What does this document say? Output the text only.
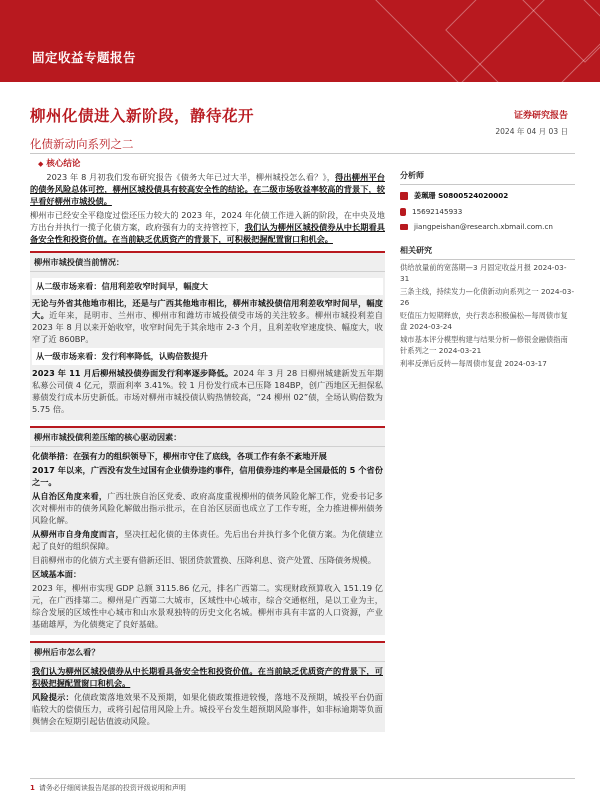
固定收益专题报告
柳州化债进入新阶段，静待花开
化债新动向系列之二
证券研究报告
2024 年 04 月 03 日
◆ 核心结论

2023 年 8 月初我们发布研究报告《债务大年已过大半，柳州城投怎么看？》，得出柳州平台的债务风险总体可控，柳州区城投债具有较高安全性的结论。在二级市场收益率较高的背景下，较早看好柳州市城投债。

柳州市已经安全平稳度过偿还压力较大的 2023 年，2024 年化债工作进入新的阶段，在中央及地方出台并执行一揽子化债方案，政府强有力的支持管控下，我们认为柳州区城投债券从中长期看具备安全性和投资价值。在当前缺乏优质资产的背景下，可积极把握配置窗口和机会。

柳州市城投债当前情况：
从二级市场来看：信用利差收窄时间早，幅度大

无论与外省其他地市相比，还是与广西其他地市相比，柳州市城投债信用利差收窄时间早，幅度大。近年来，昆明市、兰州市、柳州市和潍坊市城投债受市场的关注较多。柳州市城投利差自 2023 年 8 月以来开始收窄，收窄时间先于其余地市 2-3 个月，且利差收窄速度快、幅度大，收窄了近 860BP。

从一级市场来看：发行利率降低，认购倍数提升

2023 年 11 月后柳州城投债券面发行利率逐步降低。2024 年 3 月 28 日柳州城建新发五年期私募公司债 4 亿元，票面利率 3.41%。较 1 月份发行成本已压降 184BP，创广西地区无担保私募债发行成本历史新低。市场对柳州市城投债认购热情较高，“24 柳州 02”债，全场认购倍数为 5.75 倍。

柳州市城投债利差压缩的核心驱动因素：

化债举措：在强有力的组织领导下，柳州市守住了底线，各项工作有条不紊地开展

2017 年以来，广西没有发生过国有企业债券违约事件，信用债券违约率是全国最低的 5 个省份之一。

从自治区角度来看，广西壮族自治区党委、政府高度重视柳州的债务风险化解工作，党委书记多次对柳州市的债务风险化解做出指示批示，在自治区层面也成立了工作专班，全力推进柳州债务风险化解。

从柳州市自身角度而言，坚决扛起化债的主体责任。先后出台并执行多个化债方案。为化债建立起了良好的组织保障。

目前柳州市的化债方式主要有借新还旧、银团贷款置换、压降利息、资产处置、压降债务规模。

区域基本面：

2023 年，柳州市实现 GDP 总额 3115.86 亿元，排名广西第二。实现财政预算收入 151.19 亿元，在广西排第二。柳州是广西第二大城市，区域性中心城市，综合交通枢纽，是以工业为主，综合发展的区域性中心城市和山水景观独特的历史文化名城。柳州市具有丰富的人口资源，产业基础雄厚，为化债奠定了良好基础。

柳州后市怎么看？

我们认为柳州区城投债券从中长期看具备安全性和投资价值。在当前缺乏优质资产的背景下，可积极把握配置窗口和机会。

风险提示：化债政策落地效果不及预期，如果化债政策推进较慢，落地不及预期，城投平台仍面临较大的偿债压力，或将引起信用风险上升。城投平台发生超预期风险事件，如非标逾期等负面舆情会在短期引起估值波动风险。

分析师
姜珮珊 S0800524020002
15692145933
jiangpeishan@research.xbmail.com.cn
相关研究
供给放量前的宽荡期—3 月固定收益月报 2024-03-31
三条主线，持续发力—化债新动向系列之一 2024-03-26
贬值压力短期释放，央行表态积极偏松—每周债市复盘 2024-03-24
城市基本评分模型构建与结果分析—修银金融债指南针系列之一 2024-03-21
利率反弹后反转—每周债市复盘 2024-03-17
1 请务必仔细阅读报告尾部的投资评级说明和声明
